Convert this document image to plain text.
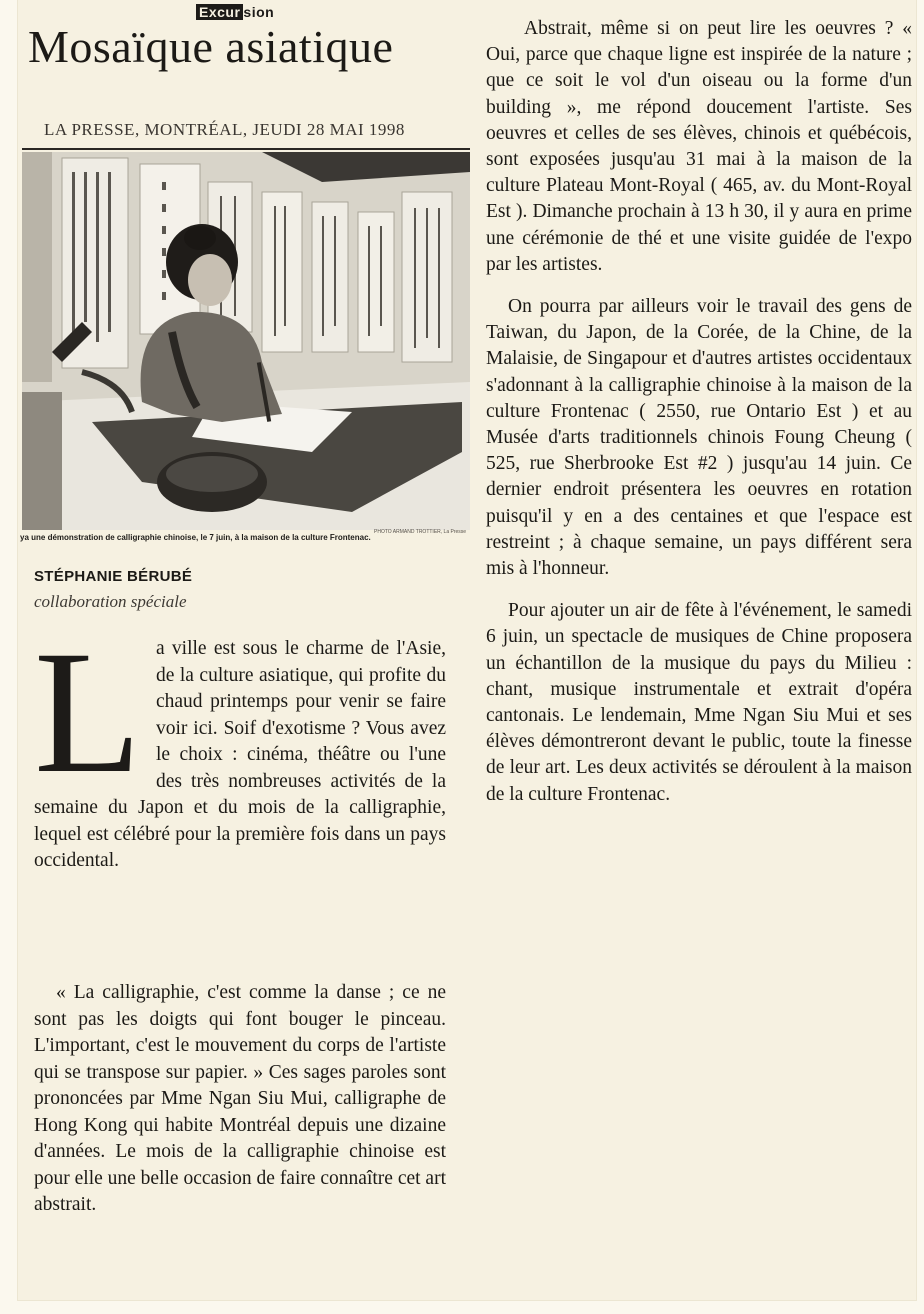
Excur sion
Mosaïque asiatique
LA PRESSE, MONTRÉAL, JEUDI 28 MAI 1998
PHOTO ARMAND TROTTIER, La Presse
ya une démonstration de calligraphie chinoise, le 7 juin, à la maison de la culture Frontenac.
STÉPHANIE BÉRUBÉ
collaboration spéciale
L a ville est sous le charme de l'Asie, de la culture asiatique, qui profite du chaud printemps pour venir se faire voir ici. Soif d'exotisme ? Vous avez le choix : cinéma, théâtre ou l'une des très nombreuses activités de la semaine du Japon et du mois de la calligraphie, lequel est célébré pour la première fois dans un pays occidental.

« La calligraphie, c'est comme la danse ; ce ne sont pas les doigts qui font bouger le pinceau. L'important, c'est le mouvement du corps de l'artiste qui se transpose sur papier. » Ces sages paroles sont prononcées par Mme Ngan Siu Mui, calligraphe de Hong Kong qui habite Montréal depuis une dizaine d'années. Le mois de la calligraphie chinoise est pour elle une belle occasion de faire connaître cet art abstrait.

Abstrait, même si on peut lire les oeuvres ? « Oui, parce que chaque ligne est inspirée de la nature ; que ce soit le vol d'un oiseau ou la forme d'un building », me répond doucement l'artiste. Ses oeuvres et celles de ses élèves, chinois et québécois, sont exposées jusqu'au 31 mai à la maison de la culture Plateau Mont-Royal ( 465, av. du Mont-Royal Est ). Dimanche prochain à 13 h 30, il y aura en prime une cérémonie de thé et une visite guidée de l'expo par les artistes.

On pourra par ailleurs voir le travail des gens de Taiwan, du Japon, de la Corée, de la Chine, de la Malaisie, de Singapour et d'autres artistes occidentaux s'adonnant à la calligraphie chinoise à la maison de la culture Frontenac ( 2550, rue Ontario Est ) et au Musée d'arts traditionnels chinois Foung Cheung ( 525, rue Sherbrooke Est #2 ) jusqu'au 14 juin. Ce dernier endroit présentera les oeuvres en rotation puisqu'il y en a des centaines et que l'espace est restreint ; à chaque semaine, un pays différent sera mis à l'honneur.

Pour ajouter un air de fête à l'événement, le samedi 6 juin, un spectacle de musiques de Chine proposera un échantillon de la musique du pays du Milieu : chant, musique instrumentale et extrait d'opéra cantonais. Le lendemain, Mme Ngan Siu Mui et ses élèves démontreront devant le public, toute la finesse de leur art. Les deux activités se déroulent à la maison de la culture Frontenac.
